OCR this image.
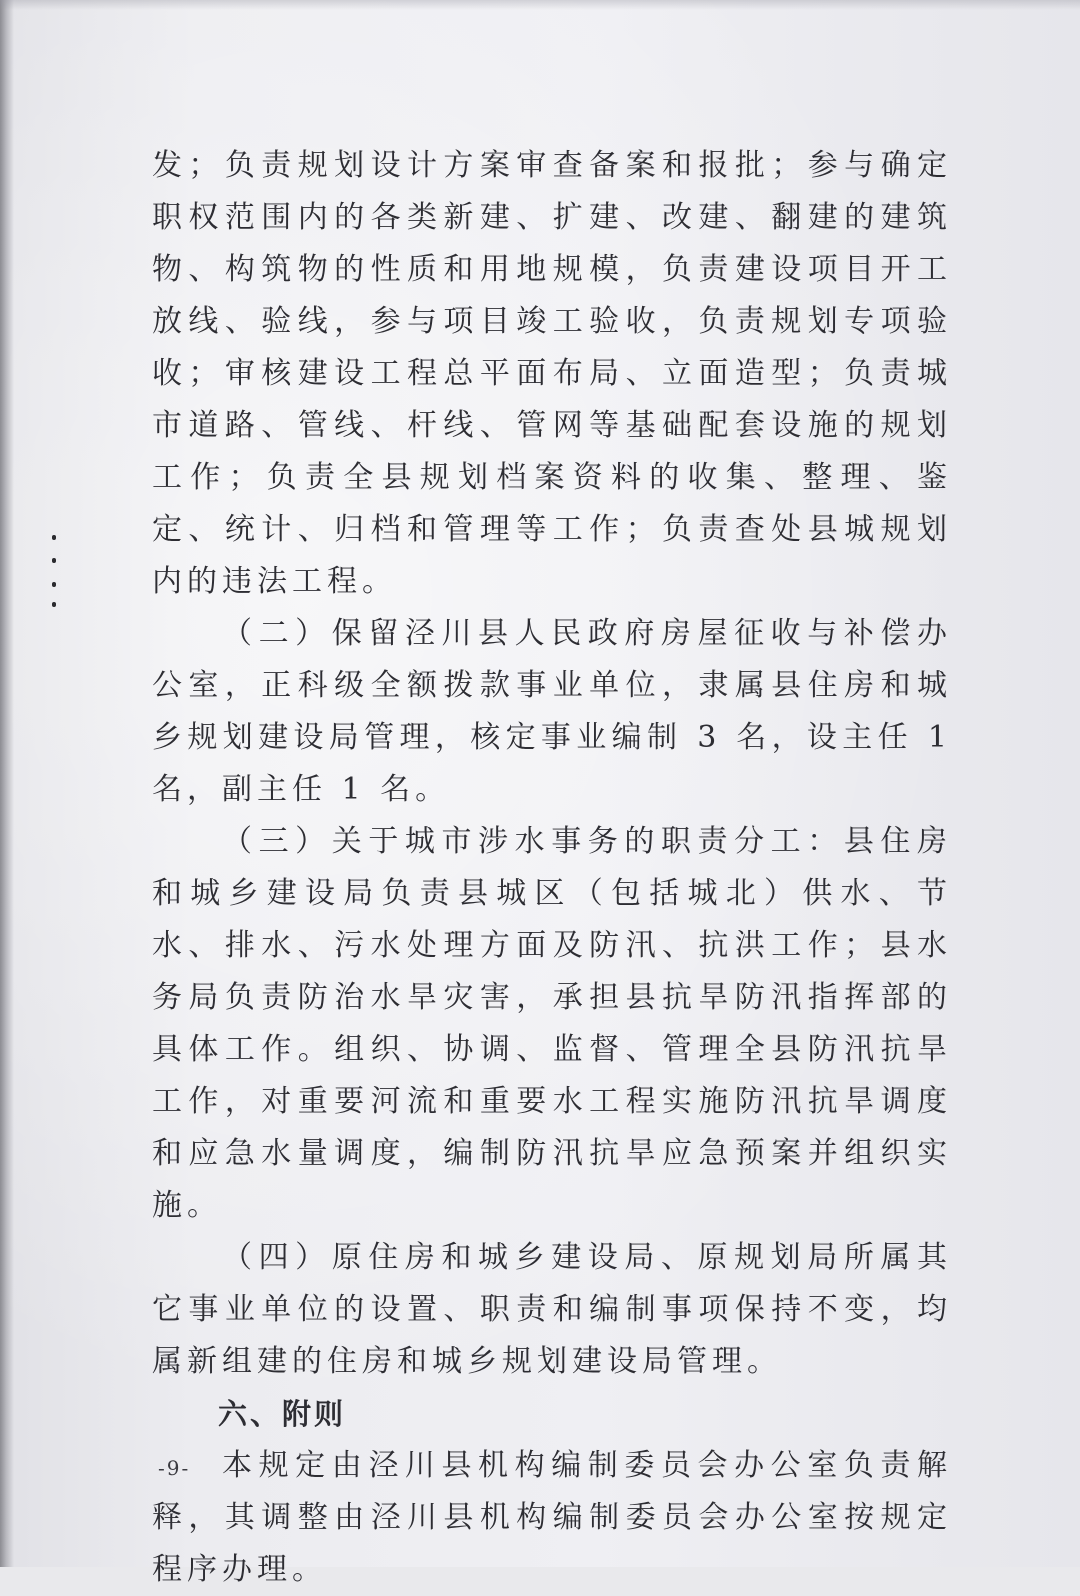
发；负责规划设计方案审查备案和报批；参与确定职权范围内的各类新建、扩建、改建、翻建的建筑物、构筑物的性质和用地规模，负责建设项目开工放线、验线，参与项目竣工验收，负责规划专项验收；审核建设工程总平面布局、立面造型；负责城市道路、管线、杆线、管网等基础配套设施的规划工作；负责全县规划档案资料的收集、整理、鉴定、统计、归档和管理等工作；负责查处县城规划内的违法工程。

（二）保留泾川县人民政府房屋征收与补偿办公室，正科级全额拨款事业单位，隶属县住房和城乡规划建设局管理，核定事业编制 3 名，设主任 1 名，副主任 1 名。

（三）关于城市涉水事务的职责分工：县住房和城乡建设局负责县城区（包括城北）供水、节水、排水、污水处理方面及防汛、抗洪工作；县水务局负责防治水旱灾害，承担县抗旱防汛指挥部的具体工作。组织、协调、监督、管理全县防汛抗旱工作，对重要河流和重要水工程实施防汛抗旱调度和应急水量调度，编制防汛抗旱应急预案并组织实施。

（四）原住房和城乡建设局、原规划局所属其它事业单位的设置、职责和编制事项保持不变，均属新组建的住房和城乡规划建设局管理。

六、附则

本规定由泾川县机构编制委员会办公室负责解释，其调整由泾川县机构编制委员会办公室按规定程序办理。

-9-
